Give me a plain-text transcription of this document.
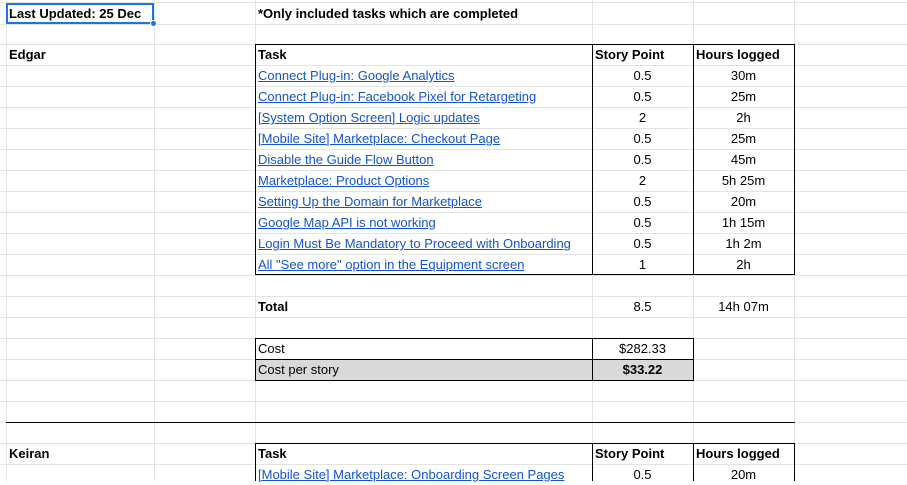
Last Updated: 25 Dec	*Only included tasks which are completed
Edgar	Task	Story Point	Hours logged
Connect Plug-in: Google Analytics	0.5	30m
Connect Plug-in: Facebook Pixel for Retargeting	0.5	25m
[System Option Screen] Logic updates	2	2h
[Mobile Site] Marketplace: Checkout Page	0.5	25m
Disable the Guide Flow Button	0.5	45m
Marketplace: Product Options	2	5h 25m
Setting Up the Domain for Marketplace	0.5	20m
Google Map API is not working	0.5	1h 15m
Login Must Be Mandatory to Proceed with Onboarding	0.5	1h 2m
All "See more" option in the Equipment screen	1	2h
Total	8.5	14h 07m
Cost	$282.33
Cost per story	$33.22
Keiran	Task	Story Point	Hours logged
[Mobile Site] Marketplace: Onboarding Screen Pages	0.5	20m
